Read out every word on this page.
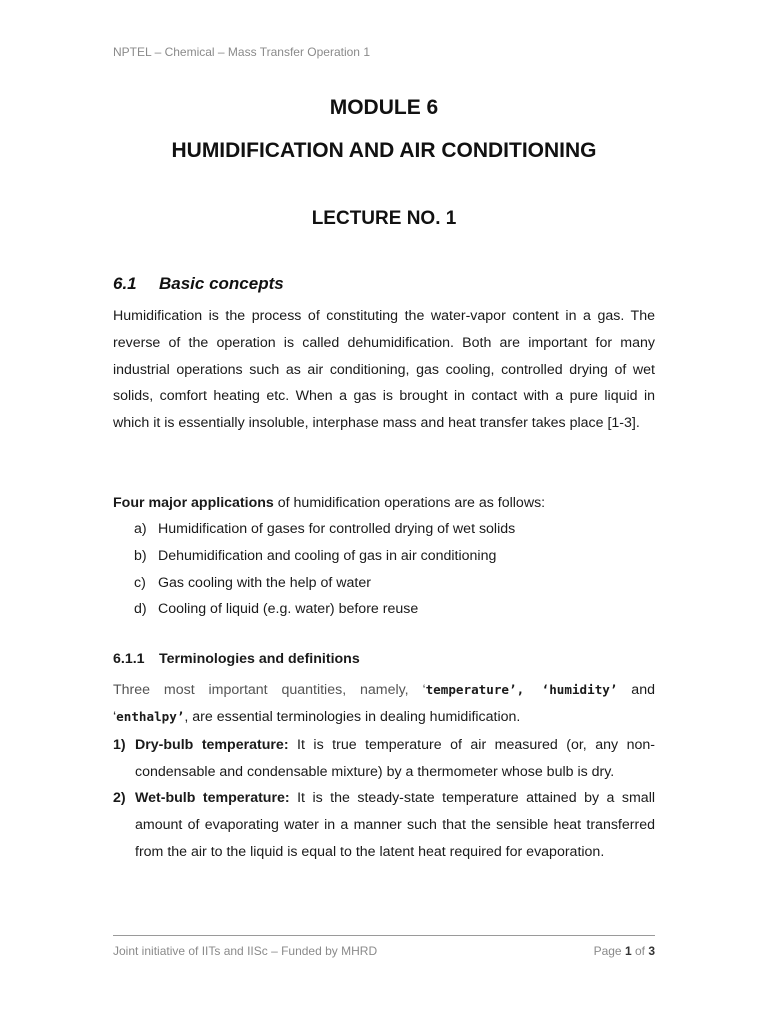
NPTEL – Chemical – Mass Transfer Operation 1
MODULE 6
HUMIDIFICATION AND AIR CONDITIONING
LECTURE NO. 1
6.1 Basic concepts

Humidification is the process of constituting the water-vapor content in a gas. The reverse of the operation is called dehumidification. Both are important for many industrial operations such as air conditioning, gas cooling, controlled drying of wet solids, comfort heating etc. When a gas is brought in contact with a pure liquid in which it is essentially insoluble, interphase mass and heat transfer takes place [1-3].

Four major applications of humidification operations are as follows:

a) Humidification of gases for controlled drying of wet solids
b) Dehumidification and cooling of gas in air conditioning
c) Gas cooling with the help of water
d) Cooling of liquid (e.g. water) before reuse
6.1.1 Terminologies and definitions

Three most important quantities, namely, ‘temperature’, ‘humidity’ and ‘enthalpy’, are essential terminologies in dealing humidification.

1) Dry-bulb temperature: It is true temperature of air measured (or, any non-condensable and condensable mixture) by a thermometer whose bulb is dry.
2) Wet-bulb temperature: It is the steady-state temperature attained by a small amount of evaporating water in a manner such that the sensible heat transferred from the air to the liquid is equal to the latent heat required for evaporation.
Joint initiative of IITs and IISc – Funded by MHRD	Page 1 of 3
